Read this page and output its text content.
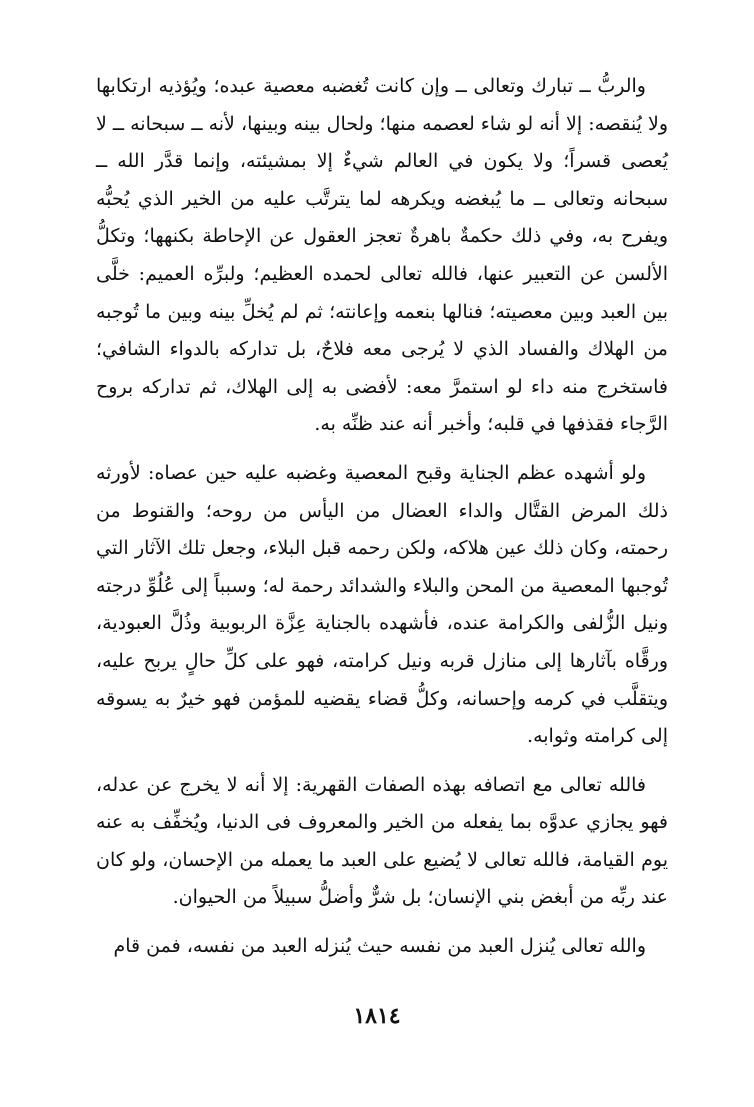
والربُّ ــ تبارك وتعالى ــ وإن كانت تُغضبه معصية عبده؛ ويُؤذيه ارتكابها ولا يُنقصه: إلا أنه لو شاء لعصمه منها؛ ولحال بينه وبينها، لأنه ــ سبحانه ــ لا يُعصى قسراً؛ ولا يكون في العالم شيءٌ إلا بمشيئته، وإنما قدَّر الله ــ سبحانه وتعالى ــ ما يُبغضه ويكرهه لما يترتَّب عليه من الخير الذي يُحبُّه ويفرح به، وفي ذلك حكمةٌ باهرةٌ تعجز العقول عن الإحاطة بكنهها؛ وتكلُّ الألسن عن التعبير عنها، فالله تعالى لحمده العظيم؛ ولبرِّه العميم: خلَّى بين العبد وبين معصيته؛ فنالها بنعمه وإعانته؛ ثم لم يُخلِّ بينه وبين ما تُوجبه من الهلاك والفساد الذي لا يُرجى معه فلاحٌ، بل تداركه بالدواء الشافي؛ فاستخرج منه داء لو استمرَّ معه: لأفضى به إلى الهلاك، ثم تداركه بروح الرَّجاء فقذفها في قلبه؛ وأخبر أنه عند ظنِّه به.

ولو أشهده عظم الجناية وقبح المعصية وغضبه عليه حين عصاه: لأورثه ذلك المرض القتَّال والداء العضال من اليأس من روحه؛ والقنوط من رحمته، وكان ذلك عين هلاكه، ولكن رحمه قبل البلاء، وجعل تلك الآثار التي تُوجبها المعصية من المحن والبلاء والشدائد رحمة له؛ وسبباً إلى عُلُوِّ درجته ونيل الزُّلفى والكرامة عنده، فأشهده بالجناية عِزَّة الربوبية وذُلَّ العبودية، ورقَّاه بآثارها إلى منازل قربه ونيل كرامته، فهو على كلِّ حالٍ يربح عليه، ويتقلَّب في كرمه وإحسانه، وكلُّ قضاء يقضيه للمؤمن فهو خيرٌ به يسوقه إلى كرامته وثوابه.

فالله تعالى مع اتصافه بهذه الصفات القهرية: إلا أنه لا يخرج عن عدله، فهو يجازي عدوَّه بما يفعله من الخير والمعروف فى الدنيا، ويُخفِّف به عنه يوم القيامة، فالله تعالى لا يُضيع على العبد ما يعمله من الإحسان، ولو كان عند ربِّه من أبغض بني الإنسان؛ بل شرٌّ وأضلُّ سبيلاً من الحيوان.

والله تعالى يُنزل العبد من نفسه حيث يُنزله العبد من نفسه، فمن قام

١٨١٤
